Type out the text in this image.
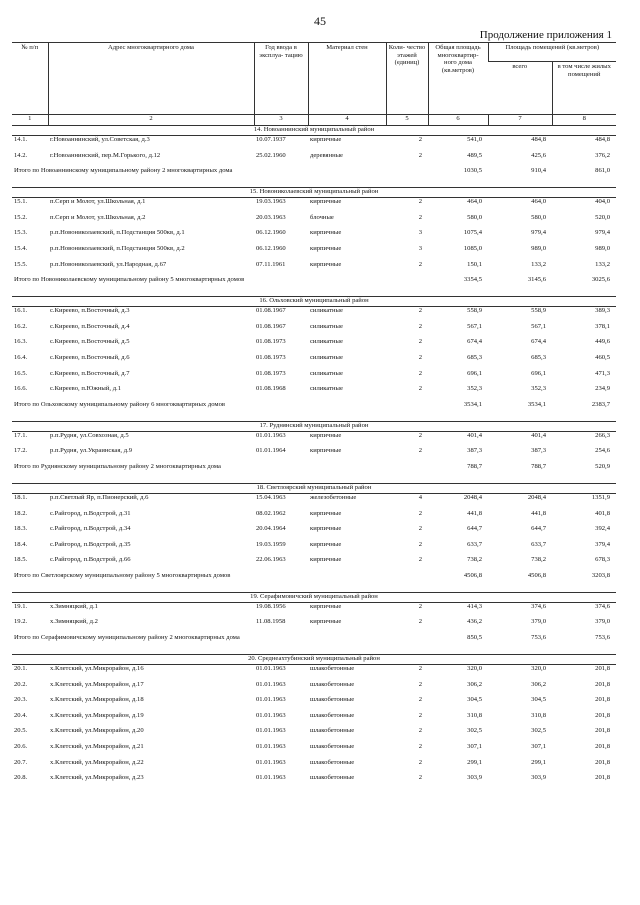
45
Продолжение приложения 1
№ п/п	Адрес многоквартирного дома	Год ввода в эксплуа- тацию	Материал стен	Коли- чество этажей (единиц)	Общая площадь многоквартир- ного дома (кв.метров)	Площадь помещений (кв.метров)	
						всего	в том числе жилых помещений
1	2	3	4	5	6	7	8
14. Новоаннинский муниципальный район							
14.1.	г.Новоаннинский, ул.Советская, д.3	10.07.1937	кирпичные	2	541,0	484,8	484,8
14.2.	г.Новоаннинский, пер.М.Горького, д.12	25.02.1960	деревянные	2	489,5	425,6	376,2
Итого по Новоаннинскому муниципальному району 2 многоквартирных дома					1030,5	910,4	861,0
15. Новониколаевский муниципальный район							
15.1.	п.Серп и Молот, ул.Школьная, д.1	19.03.1963	кирпичные	2	464,0	464,0	404,0
15.2.	п.Серп и Молот, ул.Школьная, д.2	20.03.1963	блочные	2	580,0	580,0	520,0
15.3.	р.п.Новониколаевский, п.Подстанция 500кв, д.1	06.12.1960	кирпичные	3	1075,4	979,4	979,4
15.4.	р.п.Новониколаевский, п.Подстанция 500кв, д.2	06.12.1960	кирпичные	3	1085,0	989,0	989,0
15.5.	р.п.Новониколаевский, ул.Народная, д.67	07.11.1961	кирпичные	2	150,1	133,2	133,2
Итого по Новониколаевскому муниципальному району 5 многоквартирных домов					3354,5	3145,6	3025,6
16. Ольховский муниципальный район							
16.1.	с.Киреево, п.Восточный, д.3	01.08.1967	силикатные	2	558,9	558,9	389,3
16.2.	с.Киреево, п.Восточный, д.4	01.08.1967	силикатные	2	567,1	567,1	378,1
16.3.	с.Киреево, п.Восточный, д.5	01.08.1973	силикатные	2	674,4	674,4	449,6
16.4.	с.Киреево, п.Восточный, д.6	01.08.1973	силикатные	2	685,3	685,3	460,5
16.5.	с.Киреево, п.Восточный, д.7	01.08.1973	силикатные	2	696,1	696,1	471,3
16.6.	с.Киреево, п.Южный, д.1	01.08.1968	силикатные	2	352,3	352,3	234,9
Итого по Ольховскому муниципальному району 6 многоквартирных домов					3534,1	3534,1	2383,7
17. Руднянский муниципальный район							
17.1.	р.п.Рудня, ул.Совхозная, д.5	01.01.1963	кирпичные	2	401,4	401,4	266,3
17.2.	р.п.Рудня, ул.Украинская, д.9	01.01.1964	кирпичные	2	387,3	387,3	254,6
Итого по Руднянскому муниципальному району 2 многоквартирных дома					788,7	788,7	520,9
18. Светлоярский муниципальный район							
18.1.	р.п.Светлый Яр, п.Пионерский, д.6	15.04.1963	железобетонные	4	2048,4	2048,4	1351,9
18.2.	с.Райгород, п.Водстрой, д.31	08.02.1962	кирпичные	2	441,8	441,8	401,8
18.3.	с.Райгород, п.Водстрой, д.34	20.04.1964	кирпичные	2	644,7	644,7	392,4
18.4.	с.Райгород, п.Водстрой, д.35	19.03.1959	кирпичные	2	633,7	633,7	379,4
18.5.	с.Райгород, п.Водстрой, д.66	22.06.1963	кирпичные	2	738,2	738,2	678,3
Итого по Светлоярскому муниципальному району 5 многоквартирных домов					4506,8	4506,8	3203,8
19. Серафимовичский муниципальный район							
19.1.	х.Зимняцкий, д.1	19.08.1956	кирпичные	2	414,3	374,6	374,6
19.2.	х.Зимняцкий, д.2	11.08.1958	кирпичные	2	436,2	379,0	379,0
Итого по Серафимовичскому муниципальному району 2 многоквартирных дома					850,5	753,6	753,6
20. Среднеахтубинский муниципальный район							
20.1.	х.Клетский, ул.Микрорайон, д.16	01.01.1963	шлакобетонные	2	320,0	320,0	201,8
20.2.	х.Клетский, ул.Микрорайон, д.17	01.01.1963	шлакобетонные	2	306,2	306,2	201,8
20.3.	х.Клетский, ул.Микрорайон, д.18	01.01.1963	шлакобетонные	2	304,5	304,5	201,8
20.4.	х.Клетский, ул.Микрорайон, д.19	01.01.1963	шлакобетонные	2	310,8	310,8	201,8
20.5.	х.Клетский, ул.Микрорайон, д.20	01.01.1963	шлакобетонные	2	302,5	302,5	201,8
20.6.	х.Клетский, ул.Микрорайон, д.21	01.01.1963	шлакобетонные	2	307,1	307,1	201,8
20.7.	х.Клетский, ул.Микрорайон, д.22	01.01.1963	шлакобетонные	2	299,1	299,1	201,8
20.8.	х.Клетский, ул.Микрорайон, д.23	01.01.1963	шлакобетонные	2	303,9	303,9	201,8
